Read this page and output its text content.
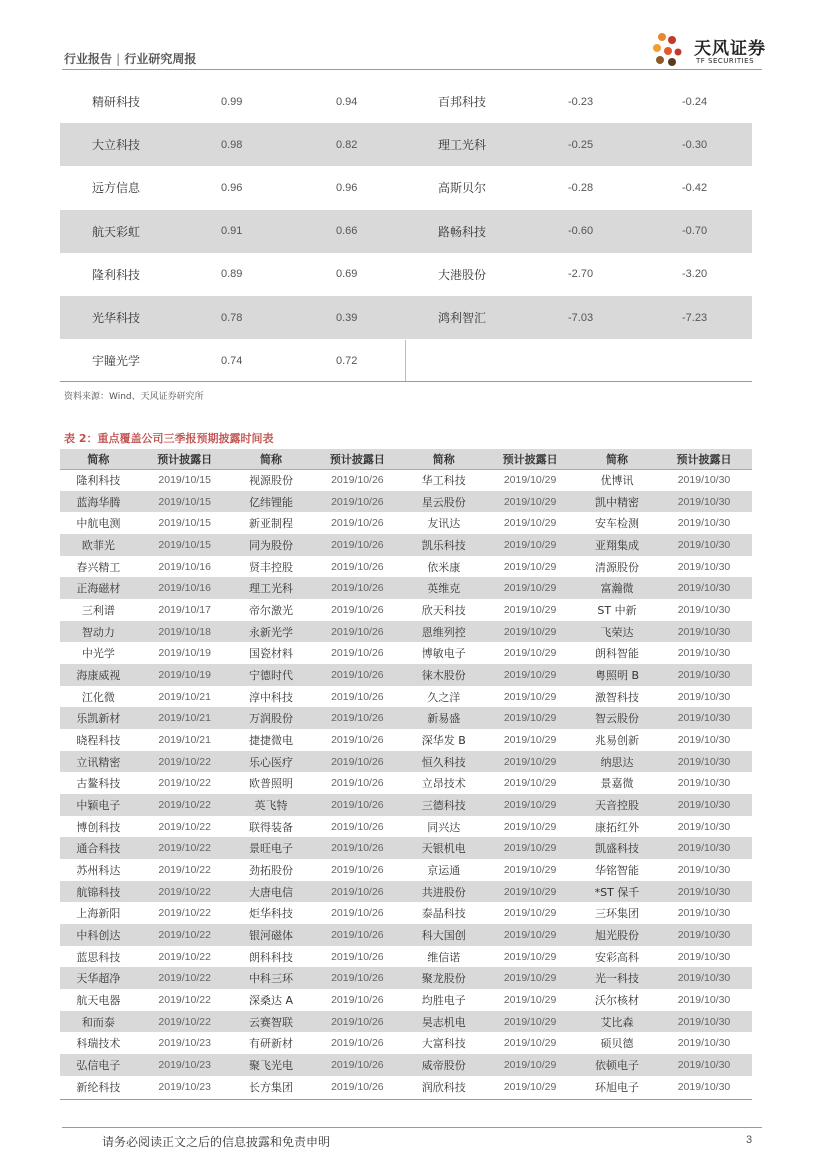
行业报告 | 行业研究周报	天风证券
TF SECURITIES
精研科技	0.99	0.94	百邦科技	-0.23	-0.24
大立科技	0.98	0.82	理工光科	-0.25	-0.30
远方信息	0.96	0.96	高斯贝尔	-0.28	-0.42
航天彩虹	0.91	0.66	路畅科技	-0.60	-0.70
隆利科技	0.89	0.69	大港股份	-2.70	-3.20
光华科技	0.78	0.39	鸿利智汇	-7.03	-7.23
宇瞳光学	0.74	0.72			
资料来源：Wind、天风证券研究所
表 2：重点覆盖公司三季报预期披露时间表
简称	预计披露日	简称	预计披露日	简称	预计披露日	简称	预计披露日
隆利科技	2019/10/15	视源股份	2019/10/26	华工科技	2019/10/29	优博讯	2019/10/30
蓝海华腾	2019/10/15	亿纬锂能	2019/10/26	星云股份	2019/10/29	凯中精密	2019/10/30
中航电测	2019/10/15	新亚制程	2019/10/26	友讯达	2019/10/29	安车检测	2019/10/30
欧菲光	2019/10/15	同为股份	2019/10/26	凯乐科技	2019/10/29	亚翔集成	2019/10/30
春兴精工	2019/10/16	贤丰控股	2019/10/26	依米康	2019/10/29	清源股份	2019/10/30
正海磁材	2019/10/16	理工光科	2019/10/26	英维克	2019/10/29	富瀚微	2019/10/30
三利谱	2019/10/17	帝尔激光	2019/10/26	欣天科技	2019/10/29	ST 中新	2019/10/30
智动力	2019/10/18	永新光学	2019/10/26	恩维列控	2019/10/29	飞荣达	2019/10/30
中光学	2019/10/19	国瓷材料	2019/10/26	博敏电子	2019/10/29	朗科智能	2019/10/30
海康威视	2019/10/19	宁德时代	2019/10/26	徕木股份	2019/10/29	粤照明 B	2019/10/30
江化微	2019/10/21	淳中科技	2019/10/26	久之洋	2019/10/29	激智科技	2019/10/30
乐凯新材	2019/10/21	万润股份	2019/10/26	新易盛	2019/10/29	智云股份	2019/10/30
晓程科技	2019/10/21	捷捷微电	2019/10/26	深华发 B	2019/10/29	兆易创新	2019/10/30
立讯精密	2019/10/22	乐心医疗	2019/10/26	恒久科技	2019/10/29	纳思达	2019/10/30
古鳌科技	2019/10/22	欧普照明	2019/10/26	立昂技术	2019/10/29	景嘉微	2019/10/30
中颖电子	2019/10/22	英飞特	2019/10/26	三德科技	2019/10/29	天音控股	2019/10/30
博创科技	2019/10/22	联得装备	2019/10/26	同兴达	2019/10/29	康拓红外	2019/10/30
通合科技	2019/10/22	景旺电子	2019/10/26	天银机电	2019/10/29	凯盛科技	2019/10/30
苏州科达	2019/10/22	劲拓股份	2019/10/26	京运通	2019/10/29	华铭智能	2019/10/30
航锦科技	2019/10/22	大唐电信	2019/10/26	共进股份	2019/10/29	*ST 保千	2019/10/30
上海新阳	2019/10/22	炬华科技	2019/10/26	泰晶科技	2019/10/29	三环集团	2019/10/30
中科创达	2019/10/22	银河磁体	2019/10/26	科大国创	2019/10/29	旭光股份	2019/10/30
蓝思科技	2019/10/22	朗科科技	2019/10/26	维信诺	2019/10/29	安彩高科	2019/10/30
天华超净	2019/10/22	中科三环	2019/10/26	聚龙股份	2019/10/29	光一科技	2019/10/30
航天电器	2019/10/22	深桑达 A	2019/10/26	均胜电子	2019/10/29	沃尔核材	2019/10/30
和而泰	2019/10/22	云赛智联	2019/10/26	昊志机电	2019/10/29	艾比森	2019/10/30
科瑞技术	2019/10/23	有研新材	2019/10/26	大富科技	2019/10/29	硕贝德	2019/10/30
弘信电子	2019/10/23	聚飞光电	2019/10/26	威帝股份	2019/10/29	依顿电子	2019/10/30
新纶科技	2019/10/23	长方集团	2019/10/26	润欣科技	2019/10/29	环旭电子	2019/10/30
请务必阅读正文之后的信息披露和免责申明	3
